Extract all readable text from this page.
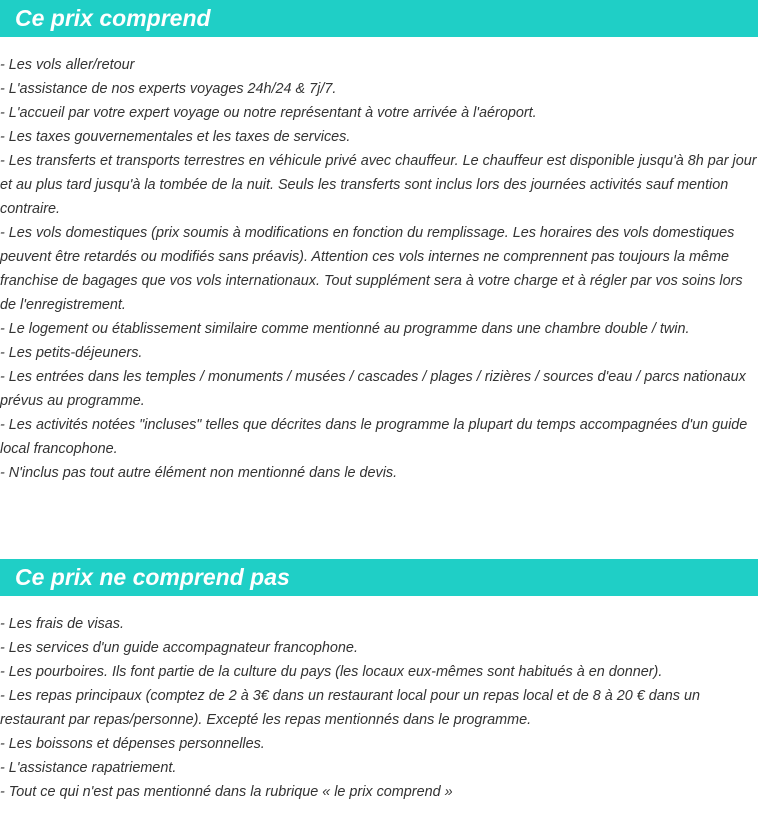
Ce prix comprend
- Les vols aller/retour
- L'assistance de nos experts voyages 24h/24 & 7j/7.
- L'accueil par votre expert voyage ou notre représentant à votre arrivée à l'aéroport.
- Les taxes gouvernementales et les taxes de services.
- Les transferts et transports terrestres en véhicule privé avec chauffeur. Le chauffeur est disponible jusqu'à 8h par jour et au plus tard jusqu'à la tombée de la nuit. Seuls les transferts sont inclus lors des journées activités sauf mention contraire.
- Les vols domestiques (prix soumis à modifications en fonction du remplissage. Les horaires des vols domestiques peuvent être retardés ou modifiés sans préavis). Attention ces vols internes ne comprennent pas toujours la même franchise de bagages que vos vols internationaux. Tout supplément sera à votre charge et à régler par vos soins lors de l'enregistrement.
- Le logement ou établissement similaire comme mentionné au programme dans une chambre double / twin.
- Les petits-déjeuners.
- Les entrées dans les temples / monuments / musées / cascades / plages / rizières / sources d'eau / parcs nationaux prévus au programme.
- Les activités notées "incluses" telles que décrites dans le programme la plupart du temps accompagnées d'un guide local francophone.
- N'inclus pas tout autre élément non mentionné dans le devis.
Ce prix ne comprend pas
- Les frais de visas.
- Les services d'un guide accompagnateur francophone.
- Les pourboires. Ils font partie de la culture du pays (les locaux eux-mêmes sont habitués à en donner).
- Les repas principaux (comptez de 2 à 3€ dans un restaurant local pour un repas local et de 8 à 20 € dans un restaurant par repas/personne). Excepté les repas mentionnés dans le programme.
- Les boissons et dépenses personnelles.
- L'assistance rapatriement.
- Tout ce qui n'est pas mentionné dans la rubrique « le prix comprend »
